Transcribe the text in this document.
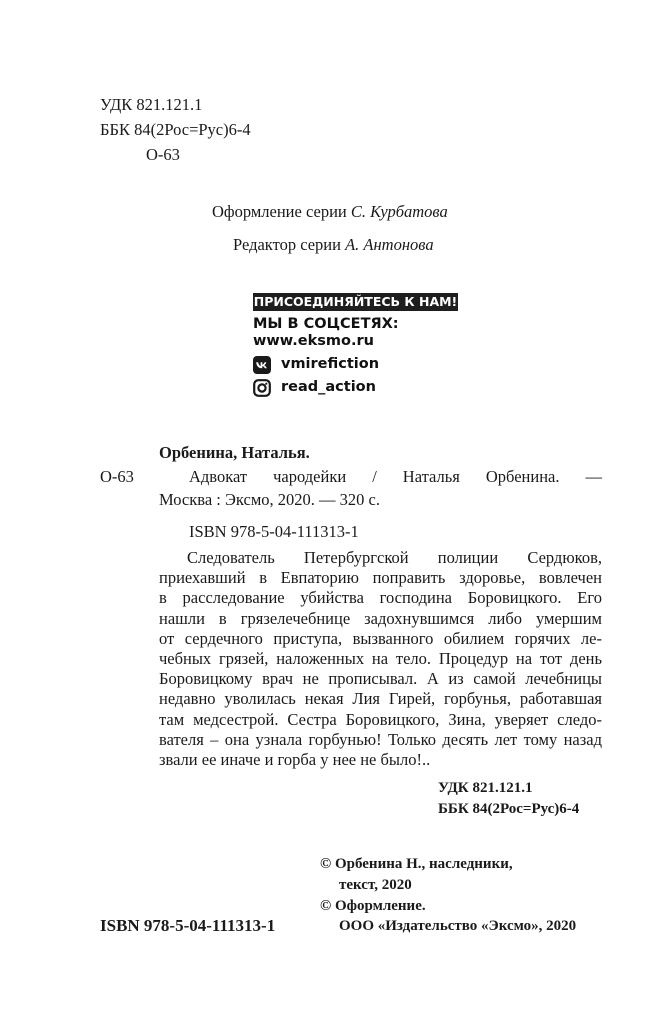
УДК 821.121.1
ББК 84(2Рос=Рус)6-4
О-63
Оформление серии С. Курбатова
Редактор серии А. Антонова
ПРИСОЕДИНЯЙТЕСЬ К НАМ!
МЫ В СОЦСЕТЯХ:
www.eksmo.ru
vmirefiction
read_action
Орбенина, Наталья.
О-63	Адвокат чародейки / Наталья Орбенина. —
Москва : Эксмо, 2020. — 320 с.
ISBN 978-5-04-111313-1
Следователь Петербургской полиции Сердюков,
приехавший в Евпаторию поправить здоровье, вовлечен
в расследование убийства господина Боровицкого. Его
нашли в грязелечебнице задохнувшимся либо умершим
от сердечного приступа, вызванного обилием горячих ле-
чебных грязей, наложенных на тело. Процедур на тот день
Боровицкому врач не прописывал. А из самой лечебницы
недавно уволилась некая Лия Гирей, горбунья, работавшая
там медсестрой. Сестра Боровицкого, Зина, уверяет следо-
вателя – она узнала горбунью! Только десять лет тому назад
звали ее иначе и горба у нее не было!..
УДК 821.121.1
ББК 84(2Рос=Рус)6-4
© Орбенина Н., наследники,
текст, 2020
© Оформление.
ООО «Издательство «Эксмо», 2020
ISBN 978-5-04-111313-1
